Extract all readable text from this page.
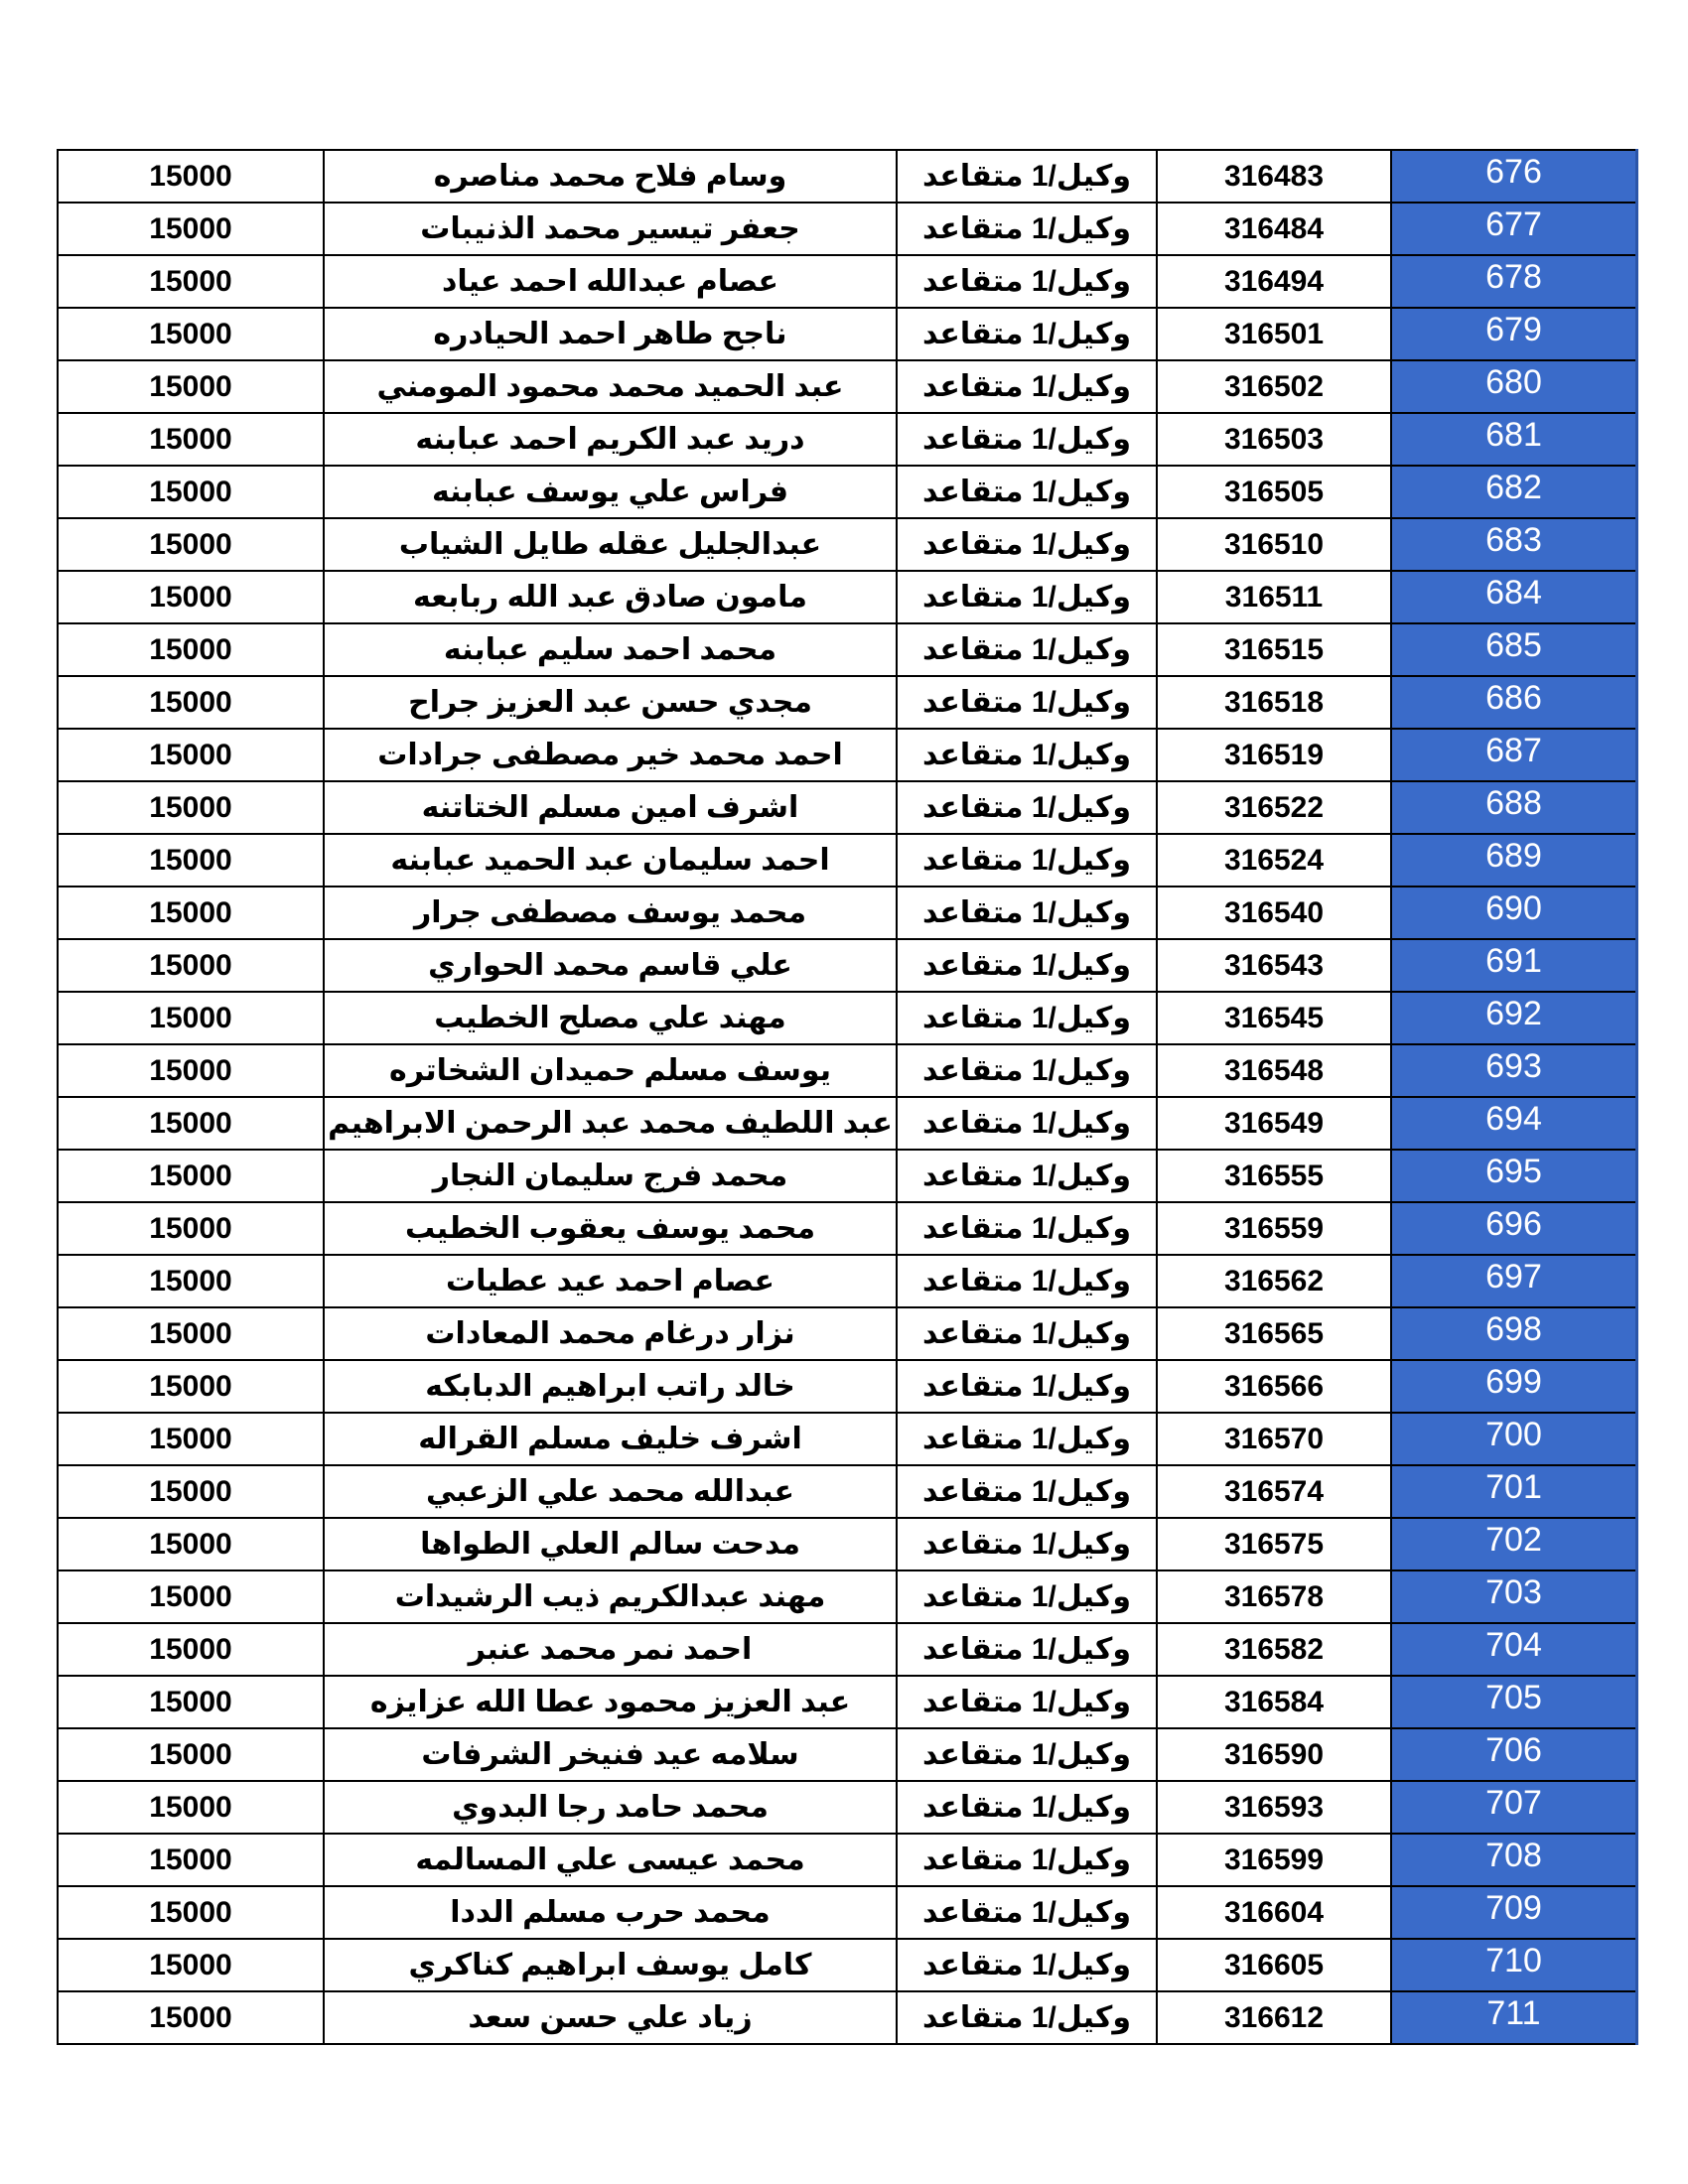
15000	وسام فلاح محمد مناصره	وكيل/1 متقاعد	316483	676
15000	جعفر تيسير محمد الذنيبات	وكيل/1 متقاعد	316484	677
15000	عصام عبدالله احمد عياد	وكيل/1 متقاعد	316494	678
15000	ناجح طاهر احمد الحيادره	وكيل/1 متقاعد	316501	679
15000	عبد الحميد محمد محمود المومني	وكيل/1 متقاعد	316502	680
15000	دريد عبد الكريم احمد عبابنه	وكيل/1 متقاعد	316503	681
15000	فراس علي يوسف عبابنه	وكيل/1 متقاعد	316505	682
15000	عبدالجليل عقله طايل الشياب	وكيل/1 متقاعد	316510	683
15000	مامون صادق عبد الله ربابعه	وكيل/1 متقاعد	316511	684
15000	محمد احمد سليم عبابنه	وكيل/1 متقاعد	316515	685
15000	مجدي حسن عبد العزيز جراح	وكيل/1 متقاعد	316518	686
15000	احمد محمد خير مصطفى جرادات	وكيل/1 متقاعد	316519	687
15000	اشرف امين مسلم الختاتنه	وكيل/1 متقاعد	316522	688
15000	احمد سليمان عبد الحميد عبابنه	وكيل/1 متقاعد	316524	689
15000	محمد يوسف مصطفى جرار	وكيل/1 متقاعد	316540	690
15000	علي قاسم محمد الحواري	وكيل/1 متقاعد	316543	691
15000	مهند علي مصلح الخطيب	وكيل/1 متقاعد	316545	692
15000	يوسف مسلم حميدان الشخاتره	وكيل/1 متقاعد	316548	693
15000	عبد اللطيف محمد عبد الرحمن الابراهيم	وكيل/1 متقاعد	316549	694
15000	محمد فرج سليمان النجار	وكيل/1 متقاعد	316555	695
15000	محمد يوسف يعقوب الخطيب	وكيل/1 متقاعد	316559	696
15000	عصام احمد عيد عطيات	وكيل/1 متقاعد	316562	697
15000	نزار درغام محمد المعادات	وكيل/1 متقاعد	316565	698
15000	خالد راتب ابراهيم الدبابكه	وكيل/1 متقاعد	316566	699
15000	اشرف خليف مسلم القراله	وكيل/1 متقاعد	316570	700
15000	عبدالله محمد علي الزعبي	وكيل/1 متقاعد	316574	701
15000	مدحت سالم العلي الطواها	وكيل/1 متقاعد	316575	702
15000	مهند عبدالكريم ذيب الرشيدات	وكيل/1 متقاعد	316578	703
15000	احمد نمر محمد عنبر	وكيل/1 متقاعد	316582	704
15000	عبد العزيز محمود عطا الله عزايزه	وكيل/1 متقاعد	316584	705
15000	سلامه عيد فنيخر الشرفات	وكيل/1 متقاعد	316590	706
15000	محمد حامد رجا البدوي	وكيل/1 متقاعد	316593	707
15000	محمد عيسى علي المسالمه	وكيل/1 متقاعد	316599	708
15000	محمد حرب مسلم الددا	وكيل/1 متقاعد	316604	709
15000	كامل يوسف ابراهيم كناكري	وكيل/1 متقاعد	316605	710
15000	زياد علي حسن سعد	وكيل/1 متقاعد	316612	711
